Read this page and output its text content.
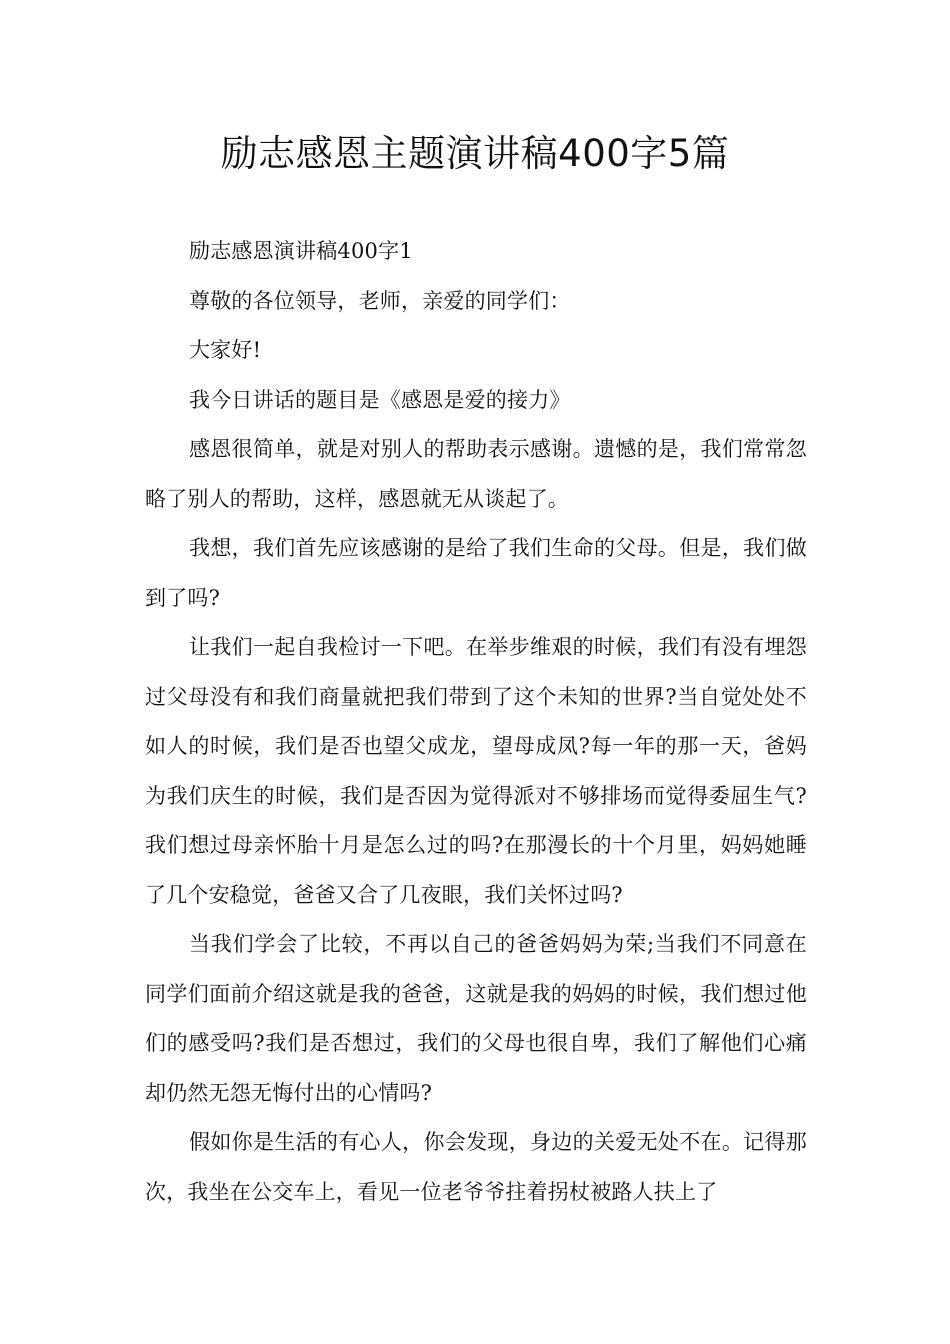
励志感恩主题演讲稿400字5篇

励志感恩演讲稿400字1

尊敬的各位领导，老师，亲爱的同学们：

大家好!

我今日讲话的题目是《感恩是爱的接力》

感恩很简单，就是对别人的帮助表示感谢。遗憾的是，我们常常忽略了别人的帮助，这样，感恩就无从谈起了。

我想，我们首先应该感谢的是给了我们生命的父母。但是，我们做到了吗?

让我们一起自我检讨一下吧。在举步维艰的时候，我们有没有埋怨过父母没有和我们商量就把我们带到了这个未知的世界?当自觉处处不如人的时候，我们是否也望父成龙，望母成凤?每一年的那一天，爸妈为我们庆生的时候，我们是否因为觉得派对不够排场而觉得委屈生气?我们想过母亲怀胎十月是怎么过的吗?在那漫长的十个月里，妈妈她睡了几个安稳觉，爸爸又合了几夜眼，我们关怀过吗?

当我们学会了比较，不再以自己的爸爸妈妈为荣;当我们不同意在同学们面前介绍这就是我的爸爸，这就是我的妈妈的时候，我们想过他们的感受吗?我们是否想过，我们的父母也很自卑，我们了解他们心痛却仍然无怨无悔付出的心情吗?

假如你是生活的有心人，你会发现，身边的关爱无处不在。记得那次，我坐在公交车上，看见一位老爷爷拄着拐杖被路人扶上了
